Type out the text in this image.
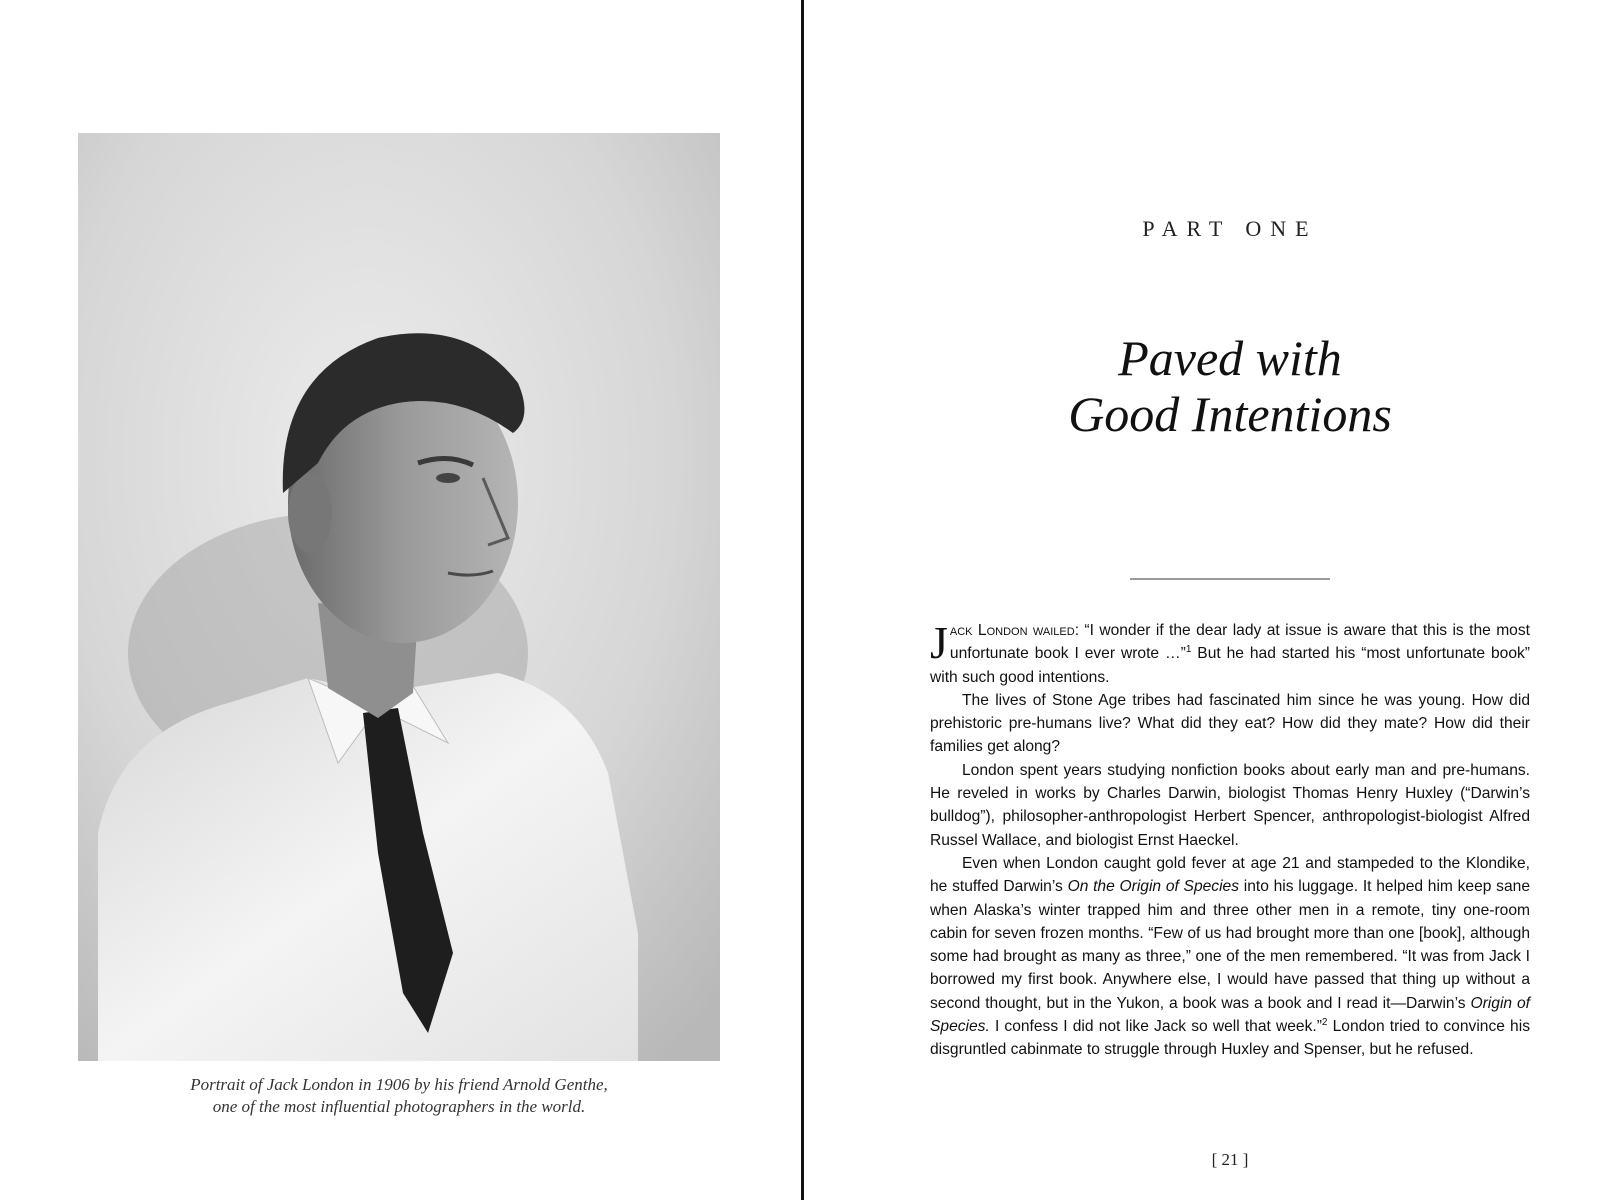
Portrait of Jack London in 1906 by his friend Arnold Genthe,
one of the most influential photographers in the world.
PART ONE
Paved with
Good Intentions

Jack London wailed: “I wonder if the dear lady at issue is aware that this is the most unfortunate book I ever wrote …”$^1$ But he had started his “most unfortunate book” with such good intentions.

The lives of Stone Age tribes had fascinated him since he was young. How did prehistoric pre-humans live? What did they eat? How did they mate? How did their families get along?

London spent years studying nonfiction books about early man and pre-humans. He reveled in works by Charles Darwin, biologist Thomas Henry Huxley (“Darwin’s bulldog”), philosopher-anthropologist Herbert Spencer, anthropologist-biologist Alfred Russel Wallace, and biologist Ernst Haeckel.

Even when London caught gold fever at age 21 and stampeded to the Klondike, he stuffed Darwin’s On the Origin of Species into his luggage. It helped him keep sane when Alaska’s winter trapped him and three other men in a remote, tiny one-room cabin for seven frozen months. “Few of us had brought more than one [book], although some had brought as many as three,” one of the men remembered. “It was from Jack I borrowed my first book. Anywhere else, I would have passed that thing up without a second thought, but in the Yukon, a book was a book and I read it—Darwin’s Origin of Species. I confess I did not like Jack so well that week.”$^2$ London tried to convince his disgruntled cabinmate to struggle through Huxley and Spenser, but he refused.

[ 21 ]
